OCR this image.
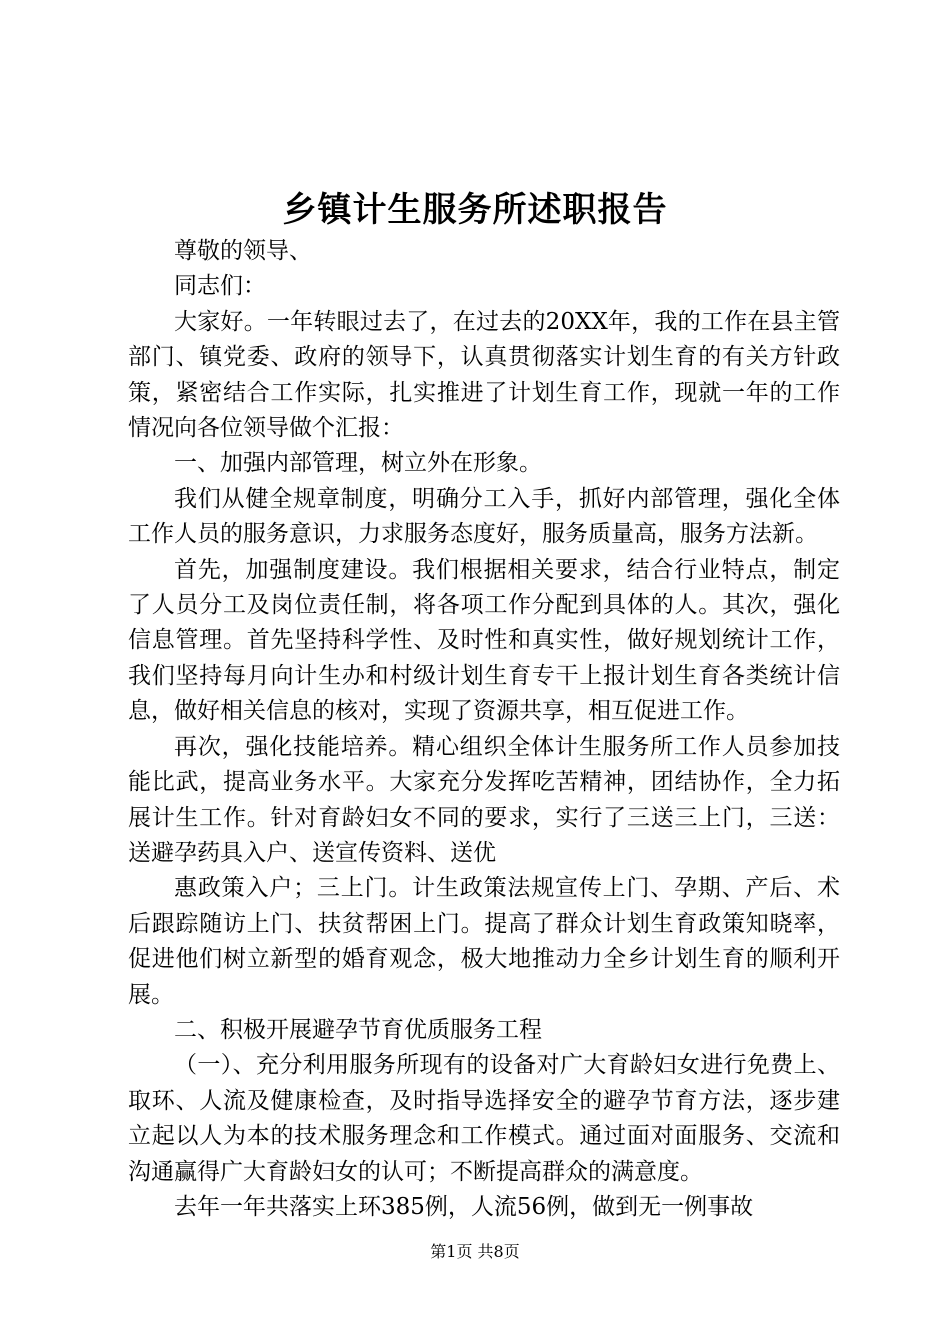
乡镇计生服务所述职报告

尊敬的领导、

同志们：

大家好。一年转眼过去了，在过去的20XX年，我的工作在县主管部门、镇党委、政府的领导下，认真贯彻落实计划生育的有关方针政策，紧密结合工作实际，扎实推进了计划生育工作，现就一年的工作情况向各位领导做个汇报：

一、加强内部管理，树立外在形象。

我们从健全规章制度，明确分工入手，抓好内部管理，强化全体工作人员的服务意识，力求服务态度好，服务质量高，服务方法新。

首先，加强制度建设。我们根据相关要求，结合行业特点，制定了人员分工及岗位责任制，将各项工作分配到具体的人。其次，强化信息管理。首先坚持科学性、及时性和真实性，做好规划统计工作，我们坚持每月向计生办和村级计划生育专干上报计划生育各类统计信息，做好相关信息的核对，实现了资源共享，相互促进工作。

再次，强化技能培养。精心组织全体计生服务所工作人员参加技能比武，提高业务水平。大家充分发挥吃苦精神，团结协作，全力拓展计生工作。针对育龄妇女不同的要求，实行了三送三上门，三送：送避孕药具入户、送宣传资料、送优

惠政策入户；三上门。计生政策法规宣传上门、孕期、产后、术后跟踪随访上门、扶贫帮困上门。提高了群众计划生育政策知晓率，促进他们树立新型的婚育观念，极大地推动力全乡计划生育的顺利开展。

二、积极开展避孕节育优质服务工程

（一）、充分利用服务所现有的设备对广大育龄妇女进行免费上、取环、人流及健康检查，及时指导选择安全的避孕节育方法，逐步建立起以人为本的技术服务理念和工作模式。通过面对面服务、交流和沟通赢得广大育龄妇女的认可；不断提高群众的满意度。

去年一年共落实上环385例，人流56例，做到无一例事故

第1页 共8页
